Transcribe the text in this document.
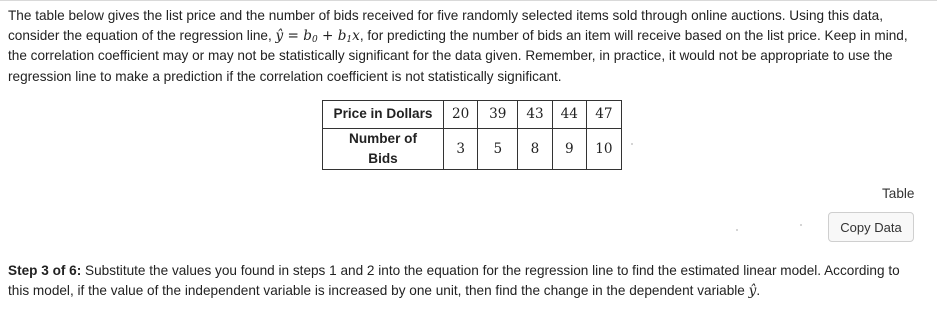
The table below gives the list price and the number of bids received for five randomly selected items sold through online auctions. Using this data, consider the equation of the regression line, ŷ = $b_0 + b_1x$, for predicting the number of bids an item will receive based on the list price. Keep in mind, the correlation coefficient may or may not be statistically significant for the data given. Remember, in practice, it would not be appropriate to use the regression line to make a prediction if the correlation coefficient is not statistically significant.

Price in Dollars	20	39	43	44	47
Number of Bids	3	5	8	9	10
Table
Copy Data

Step 3 of 6: Substitute the values you found in steps 1 and 2 into the equation for the regression line to find the estimated linear model. According to this model, if the value of the independent variable is increased by one unit, then find the change in the dependent variable ŷ.
